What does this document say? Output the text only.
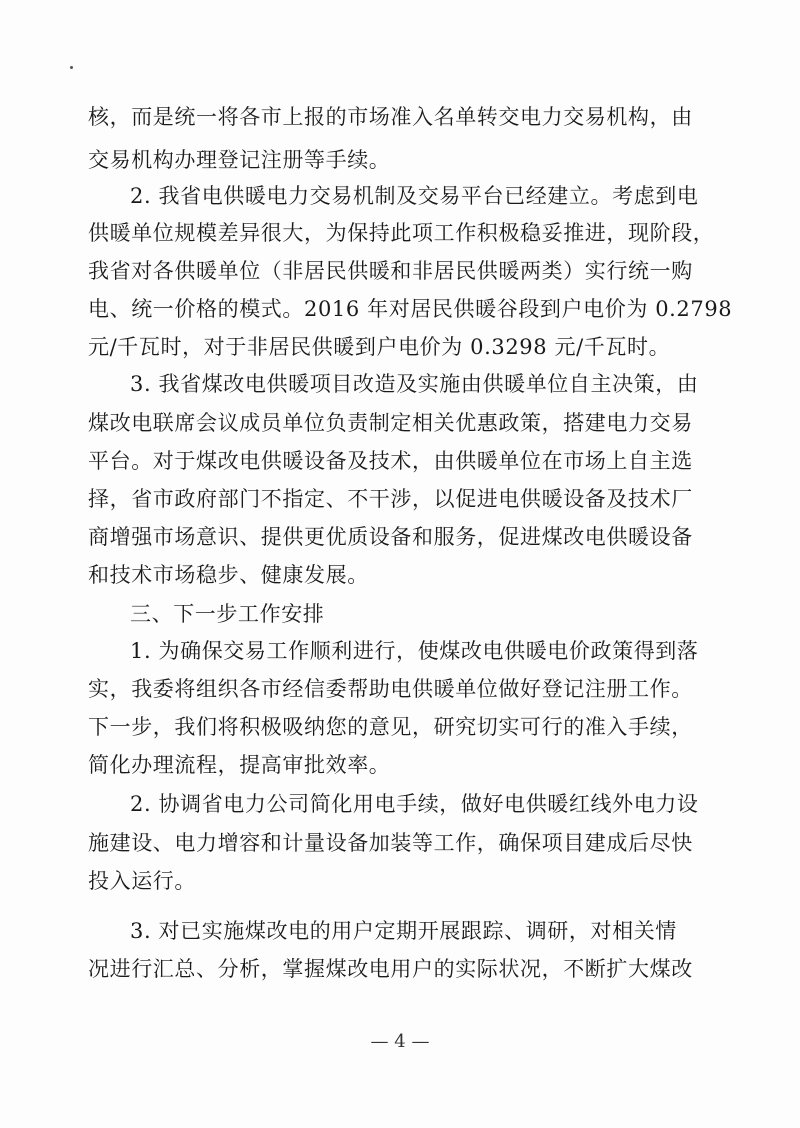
核，而是统一将各市上报的市场准入名单转交电力交易机构，由
交易机构办理登记注册等手续。
2. 我省电供暖电力交易机制及交易平台已经建立。考虑到电
供暖单位规模差异很大，为保持此项工作积极稳妥推进，现阶段，
我省对各供暖单位（非居民供暖和非居民供暖两类）实行统一购
电、统一价格的模式。2016 年对居民供暖谷段到户电价为 0.2798
元/千瓦时，对于非居民供暖到户电价为 0.3298 元/千瓦时。
3. 我省煤改电供暖项目改造及实施由供暖单位自主决策，由
煤改电联席会议成员单位负责制定相关优惠政策，搭建电力交易
平台。对于煤改电供暖设备及技术，由供暖单位在市场上自主选
择，省市政府部门不指定、不干涉，以促进电供暖设备及技术厂
商增强市场意识、提供更优质设备和服务，促进煤改电供暖设备
和技术市场稳步、健康发展。
三、下一步工作安排
1. 为确保交易工作顺利进行，使煤改电供暖电价政策得到落
实，我委将组织各市经信委帮助电供暖单位做好登记注册工作。
下一步，我们将积极吸纳您的意见，研究切实可行的准入手续，
简化办理流程，提高审批效率。
2. 协调省电力公司简化用电手续，做好电供暖红线外电力设
施建设、电力增容和计量设备加装等工作，确保项目建成后尽快
投入运行。
3. 对已实施煤改电的用户定期开展跟踪、调研，对相关情
况进行汇总、分析，掌握煤改电用户的实际状况，不断扩大煤改
— 4 —
